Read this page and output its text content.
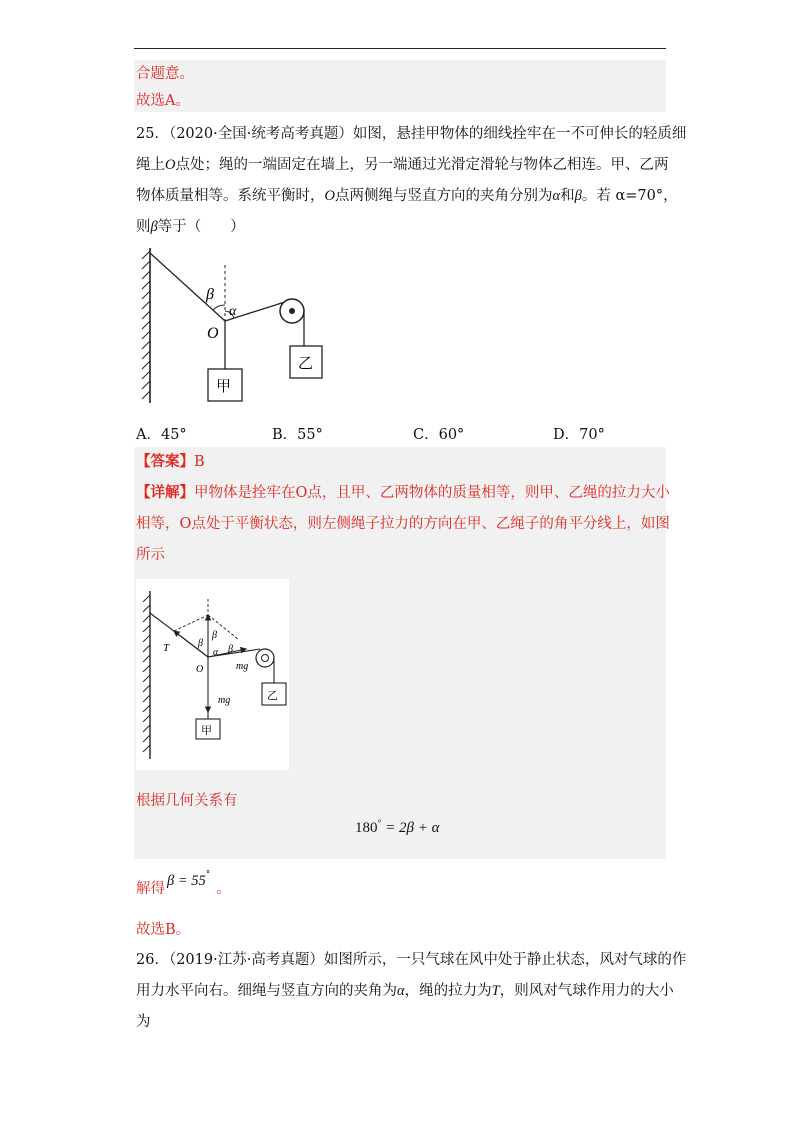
合题意。
故选A。
25．（2020·全国·统考高考真题）如图，悬挂甲物体的细线拴牢在一不可伸长的轻质细
绳上O点处；绳的一端固定在墙上，另一端通过光滑定滑轮与物体乙相连。甲、乙两
物体质量相等。系统平衡时，O点两侧绳与竖直方向的夹角分别为α和β。若 α=70°，
则β等于（　　）
β
α
O
甲
乙
A．45°	B．55°	C．60°	D．70°
【答案】B
【详解】甲物体是拴牢在O点，且甲、乙两物体的质量相等，则甲、乙绳的拉力大小
相等，O点处于平衡状态，则左侧绳子拉力的方向在甲、乙绳子的角平分线上，如图
所示
乙
甲
T	β
β
α β
mg
O
mg
根据几何关系有
180° = 2β + α
解得 β = 55°。
故选B。
26．（2019·江苏·高考真题）如图所示，一只气球在风中处于静止状态，风对气球的作
用力水平向右。细绳与竖直方向的夹角为α，绳的拉力为T，则风对气球作用力的大小
为
